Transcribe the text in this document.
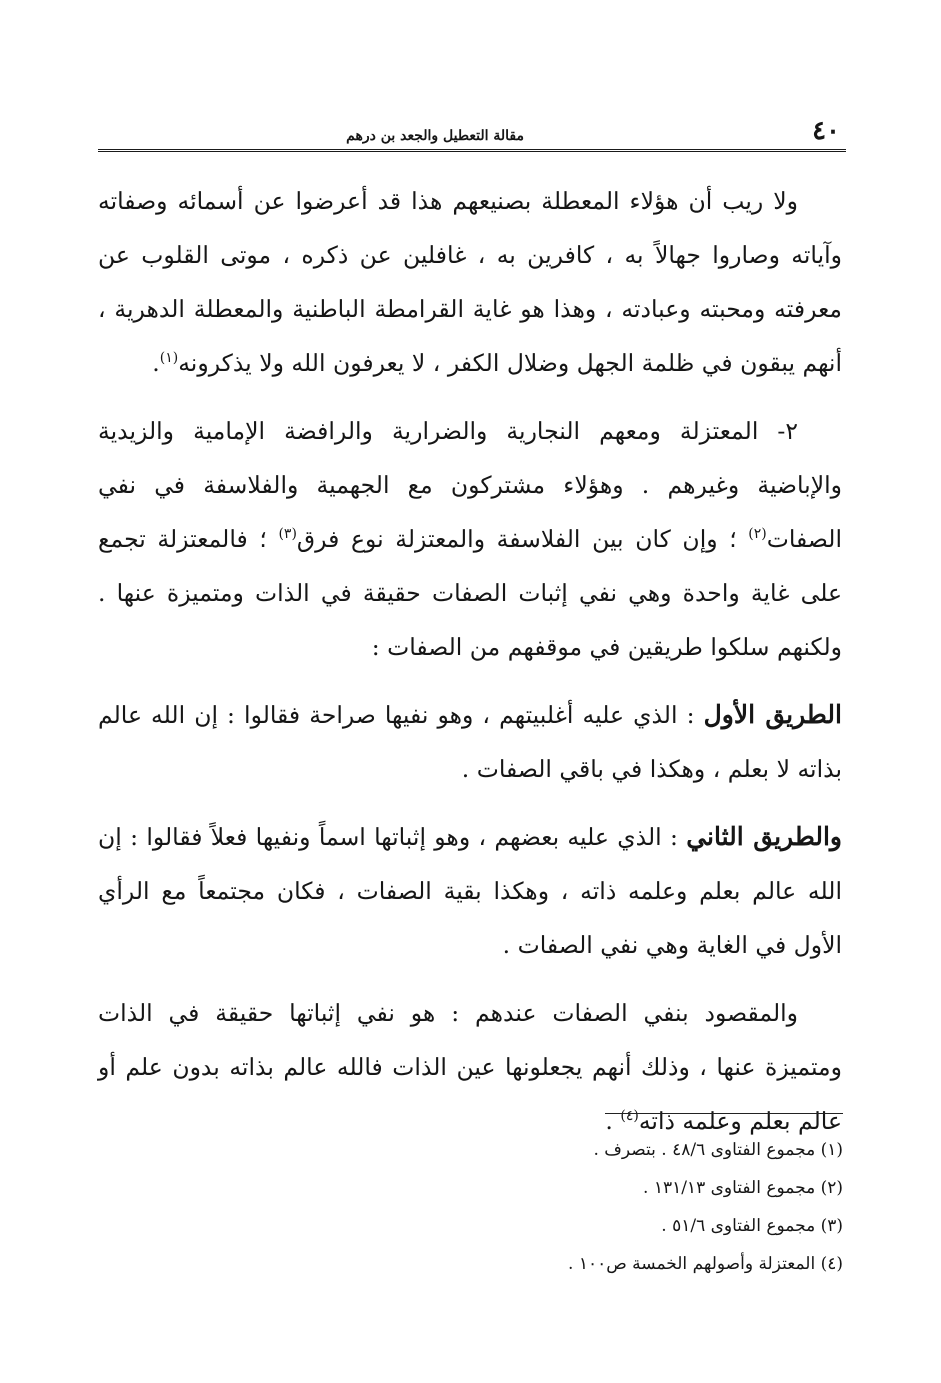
٤٠
مقالة التعطيل والجعد بن درهم

ولا ريب أن هؤلاء المعطلة بصنيعهم هذا قد أعرضوا عن أسمائه وصفاته وآياته وصاروا جهالاً به ، كافرين به ، غافلين عن ذكره ، موتى القلوب عن معرفته ومحبته وعبادته ، وهذا هو غاية القرامطة الباطنية والمعطلة الدهرية ، أنهم يبقون في ظلمة الجهل وضلال الكفر ، لا يعرفون الله ولا يذكرونه$^{(١)}$.

٢- المعتزلة ومعهم النجارية والضرارية والرافضة الإمامية والزيدية والإباضية وغيرهم . وهؤلاء مشتركون مع الجهمية والفلاسفة في نفي الصفات$^{(٢)}$ ؛ وإن كان بين الفلاسفة والمعتزلة نوع فرق$^{(٣)}$ ؛ فالمعتزلة تجمع على غاية واحدة وهي نفي إثبات الصفات حقيقة في الذات ومتميزة عنها . ولكنهم سلكوا طريقين في موقفهم من الصفات :

الطريق الأول : الذي عليه أغلبيتهم ، وهو نفيها صراحة فقالوا : إن الله عالم بذاته لا بعلم ، وهكذا في باقي الصفات .

والطريق الثاني : الذي عليه بعضهم ، وهو إثباتها اسماً ونفيها فعلاً فقالوا : إن الله عالم بعلم وعلمه ذاته ، وهكذا بقية الصفات ، فكان مجتمعاً مع الرأي الأول في الغاية وهي نفي الصفات .

والمقصود بنفي الصفات عندهم : هو نفي إثباتها حقيقة في الذات ومتميزة عنها ، وذلك أنهم يجعلونها عين الذات فالله عالم بذاته بدون علم أو عالم بعلم وعلمه ذاته$^{(٤)}$ .

(١) مجموع الفتاوى ٤٨/٦ . بتصرف .
(٢) مجموع الفتاوى ١٣١/١٣ .
(٣) مجموع الفتاوى ٥١/٦ .
(٤) المعتزلة وأصولهم الخمسة ص١٠٠ .
